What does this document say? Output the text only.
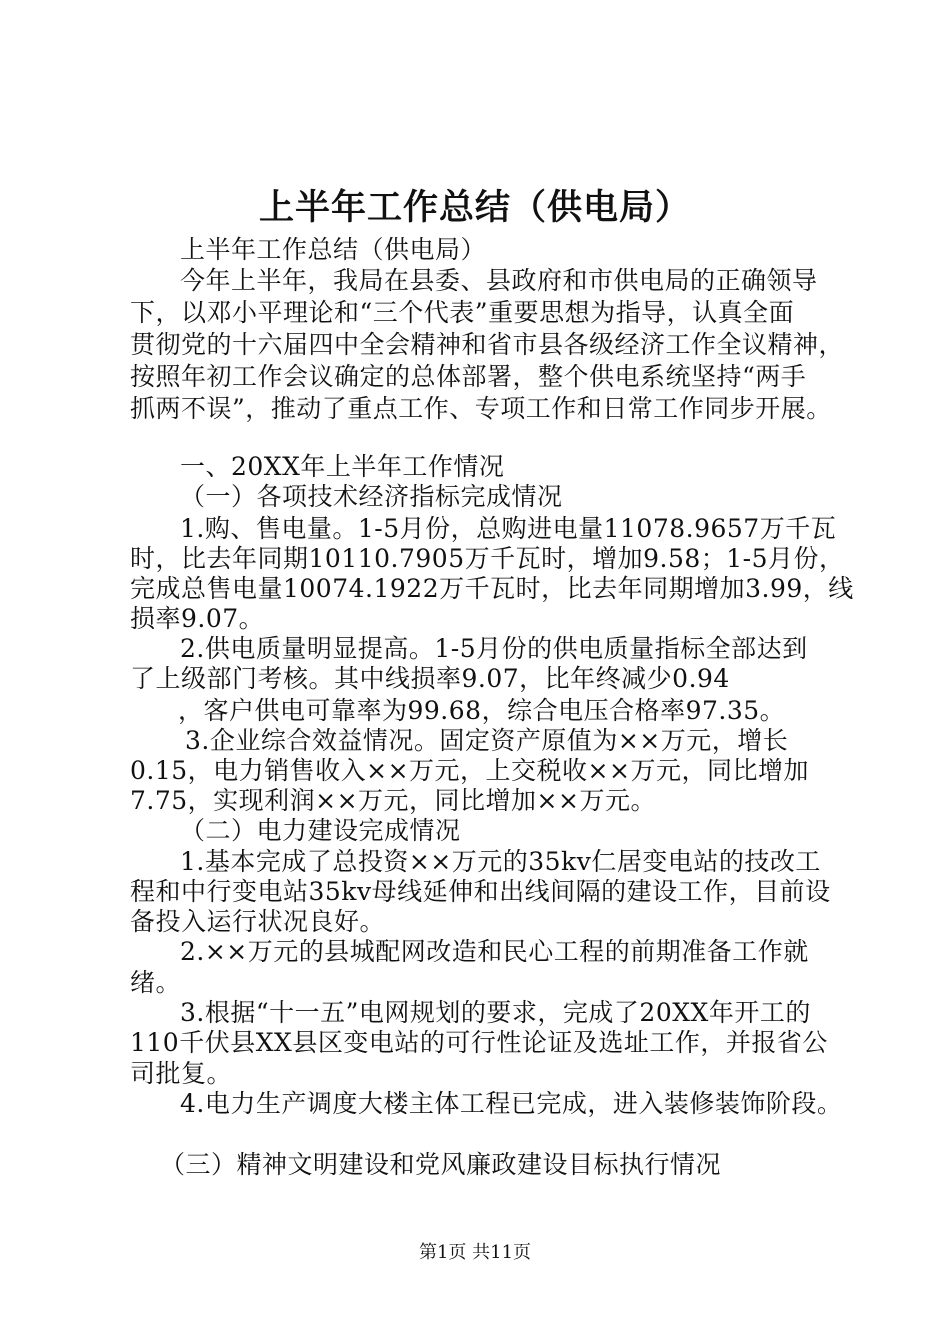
上半年工作总结（供电局）
上半年工作总结（供电局）
今年上半年，我局在县委、县政府和市供电局的正确领导
下，以邓小平理论和“三个代表”重要思想为指导，认真全面
贯彻党的十六届四中全会精神和省市县各级经济工作全议精神，
按照年初工作会议确定的总体部署，整个供电系统坚持“两手
抓两不误”，推动了重点工作、专项工作和日常工作同步开展。
一、20XX年上半年工作情况
（一）各项技术经济指标完成情况
1.购、售电量。1-5月份，总购进电量11078.9657万千瓦
时，比去年同期10110.7905万千瓦时，增加9.58；1-5月份，
完成总售电量10074.1922万千瓦时，比去年同期增加3.99，线
损率9.07。
2.供电质量明显提高。1-5月份的供电质量指标全部达到
了上级部门考核。其中线损率9.07，比年终减少0.94
，客户供电可靠率为99.68，综合电压合格率97.35。
3.企业综合效益情况。固定资产原值为××万元，增长
0.15，电力销售收入××万元，上交税收××万元，同比增加
7.75，实现利润××万元，同比增加××万元。
（二）电力建设完成情况
1.基本完成了总投资××万元的35kv仁居变电站的技改工
程和中行变电站35kv母线延伸和出线间隔的建设工作，目前设
备投入运行状况良好。
2.××万元的县城配网改造和民心工程的前期准备工作就
绪。
3.根据“十一五”电网规划的要求，完成了20XX年开工的
110千伏县XX县区变电站的可行性论证及选址工作，并报省公
司批复。
4.电力生产调度大楼主体工程已完成，进入装修装饰阶段。
（三）精神文明建设和党风廉政建设目标执行情况
第1页 共11页
